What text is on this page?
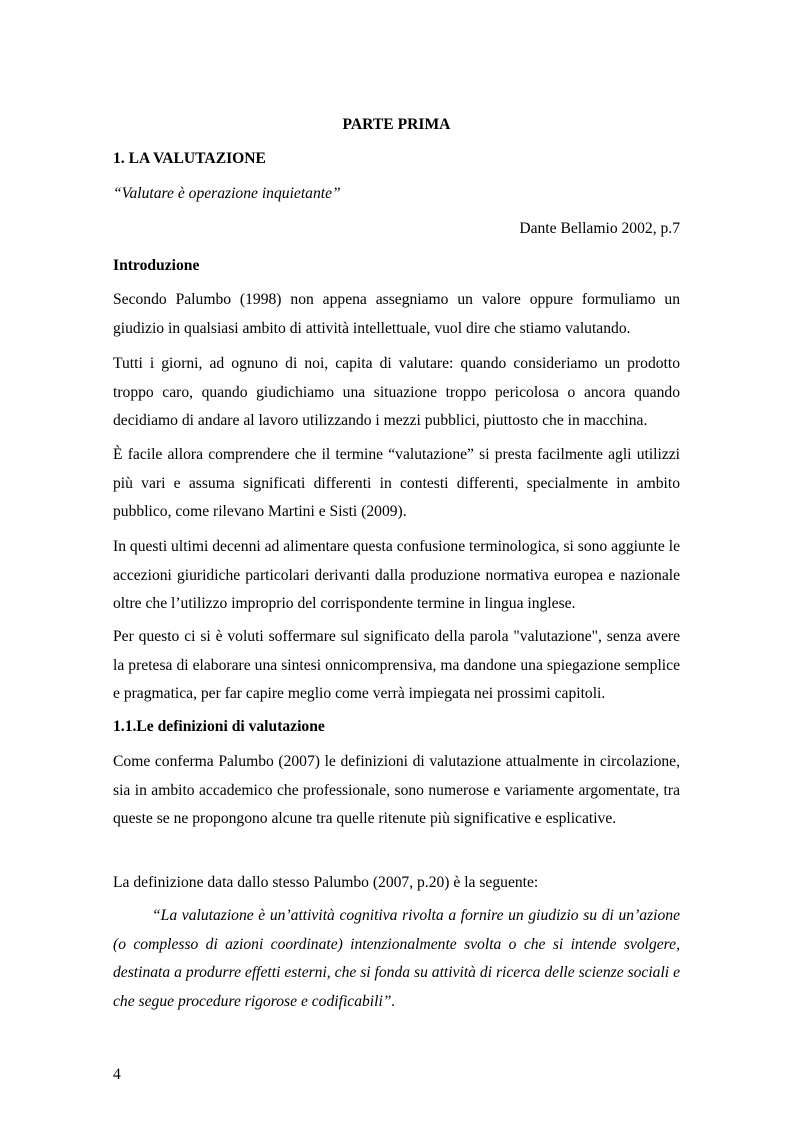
PARTE PRIMA
1. LA VALUTAZIONE

“Valutare è operazione inquietante”

Dante Bellamio 2002, p.7

Introduzione

Secondo Palumbo (1998) non appena assegniamo un valore oppure formuliamo un giudizio in qualsiasi ambito di attività intellettuale, vuol dire che stiamo valutando.

Tutti i giorni, ad ognuno di noi, capita di valutare: quando consideriamo un prodotto troppo caro, quando giudichiamo una situazione troppo pericolosa o ancora quando decidiamo di andare al lavoro utilizzando i mezzi pubblici, piuttosto che in macchina.

È facile allora comprendere che il termine “valutazione” si presta facilmente agli utilizzi più vari e assuma significati differenti in contesti differenti, specialmente in ambito pubblico, come rilevano Martini e Sisti (2009).

In questi ultimi decenni ad alimentare questa confusione terminologica, si sono aggiunte le accezioni giuridiche particolari derivanti dalla produzione normativa europea e nazionale oltre che l’utilizzo improprio del corrispondente termine in lingua inglese.

Per questo ci si è voluti soffermare sul significato della parola "valutazione", senza avere la pretesa di elaborare una sintesi onnicomprensiva, ma dandone una spiegazione semplice e pragmatica, per far capire meglio come verrà impiegata nei prossimi capitoli.

1.1.Le definizioni di valutazione

Come conferma Palumbo (2007) le definizioni di valutazione attualmente in circolazione, sia in ambito accademico che professionale, sono numerose e variamente argomentate, tra queste se ne propongono alcune tra quelle ritenute più significative e esplicative.

La definizione data dallo stesso Palumbo (2007, p.20) è la seguente:

“La valutazione è un’attività cognitiva rivolta a fornire un giudizio su di un’azione (o complesso di azioni coordinate) intenzionalmente svolta o che si intende svolgere, destinata a produrre effetti esterni, che si fonda su attività di ricerca delle scienze sociali e che segue procedure rigorose e codificabili”.

4
